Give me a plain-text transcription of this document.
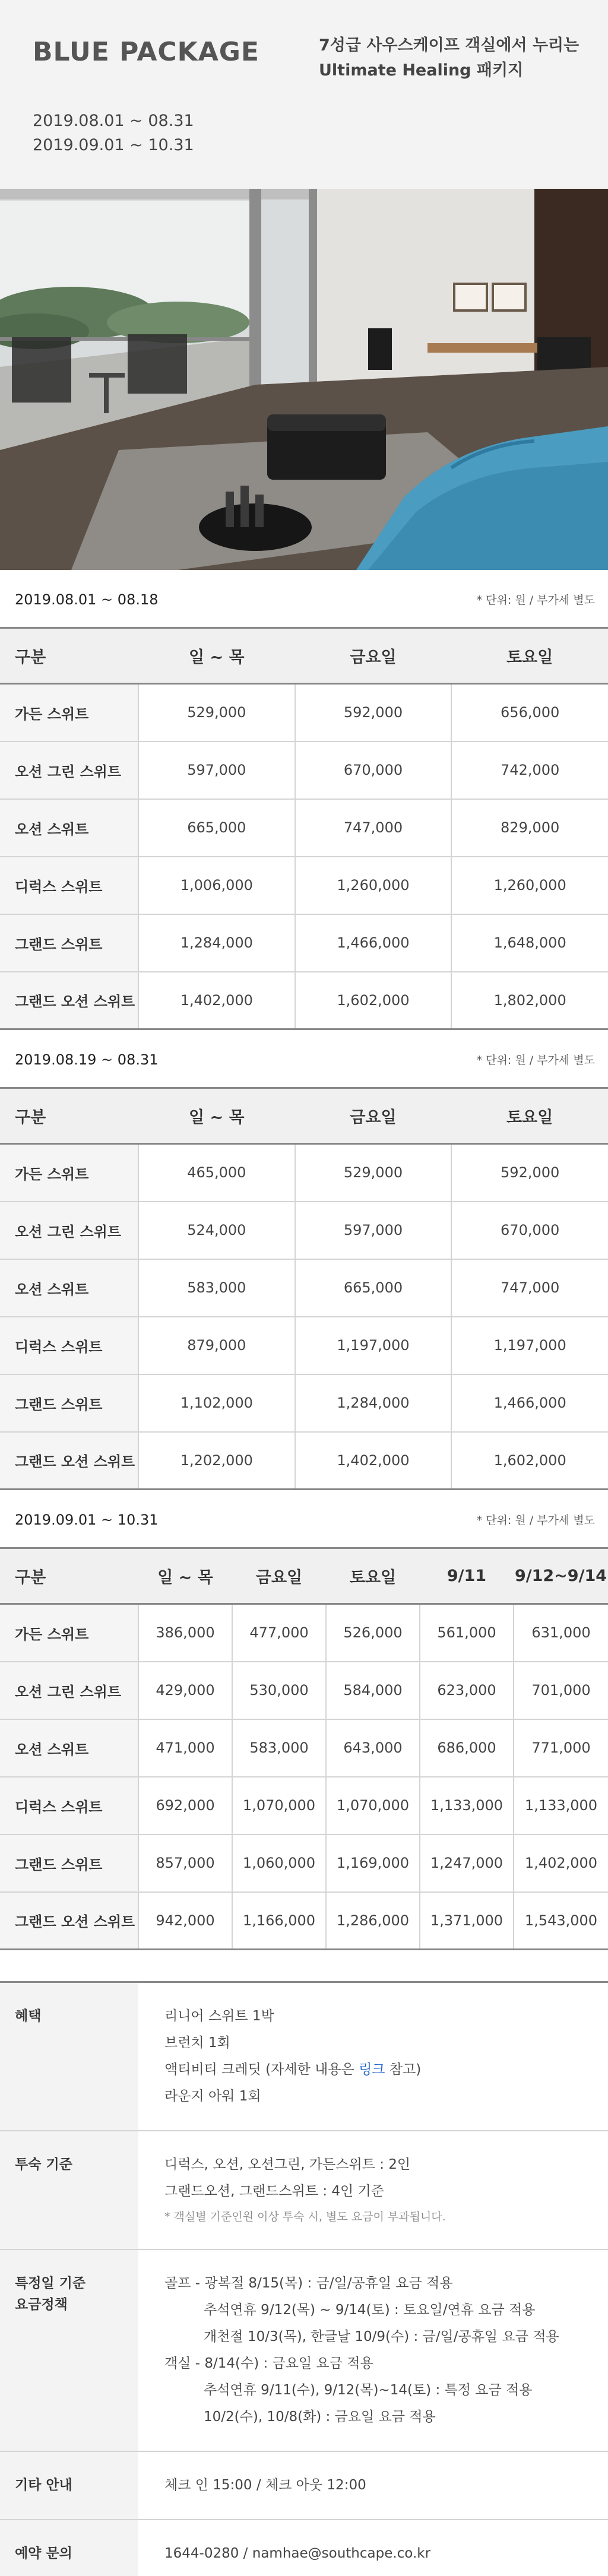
BLUE PACKAGE	7성급 사우스케이프 객실에서 누리는
Ultimate Healing 패키지
2019.08.01 ~ 08.31
2019.09.01 ~ 10.31
2019.08.01 ~ 08.18	* 단위: 원 / 부가세 별도
구분	일 ~ 목	금요일	토요일
가든 스위트	529,000	592,000	656,000
오션 그린 스위트	597,000	670,000	742,000
오션 스위트	665,000	747,000	829,000
디럭스 스위트	1,006,000	1,260,000	1,260,000
그랜드 스위트	1,284,000	1,466,000	1,648,000
그랜드 오션 스위트	1,402,000	1,602,000	1,802,000
2019.08.19 ~ 08.31	* 단위: 원 / 부가세 별도
구분	일 ~ 목	금요일	토요일
가든 스위트	465,000	529,000	592,000
오션 그린 스위트	524,000	597,000	670,000
오션 스위트	583,000	665,000	747,000
디럭스 스위트	879,000	1,197,000	1,197,000
그랜드 스위트	1,102,000	1,284,000	1,466,000
그랜드 오션 스위트	1,202,000	1,402,000	1,602,000
2019.09.01 ~ 10.31	* 단위: 원 / 부가세 별도
구분	일 ~ 목	금요일	토요일	9/11	9/12~9/14
가든 스위트	386,000	477,000	526,000	561,000	631,000
오션 그린 스위트	429,000	530,000	584,000	623,000	701,000
오션 스위트	471,000	583,000	643,000	686,000	771,000
디럭스 스위트	692,000	1,070,000	1,070,000	1,133,000	1,133,000
그랜드 스위트	857,000	1,060,000	1,169,000	1,247,000	1,402,000
그랜드 오션 스위트	942,000	1,166,000	1,286,000	1,371,000	1,543,000
혜택	리니어 스위트 1박
브런치 1회
액티비티 크레딧 (자세한 내용은 링크 참고)
라운지 아워 1회
투숙 기준	디럭스, 오션, 오션그린, 가든스위트 : 2인
그랜드오션, 그랜드스위트 : 4인 기준
* 객실별 기준인원 이상 투숙 시, 별도 요금이 부과됩니다.
특정일 기준
요금정책
골프 - 광복절 8/15(목) : 금/일/공휴일 요금 적용
추석연휴 9/12(목) ~ 9/14(토) : 토요일/연휴 요금 적용
개천절 10/3(목), 한글날 10/9(수) : 금/일/공휴일 요금 적용
객실 - 8/14(수) : 금요일 요금 적용
추석연휴 9/11(수), 9/12(목)~14(토) : 특정 요금 적용
10/2(수), 10/8(화) : 금요일 요금 적용
기타 안내	체크 인 15:00 / 체크 아웃 12:00
예약 문의	1644-0280 / namhae@southcape.co.kr
